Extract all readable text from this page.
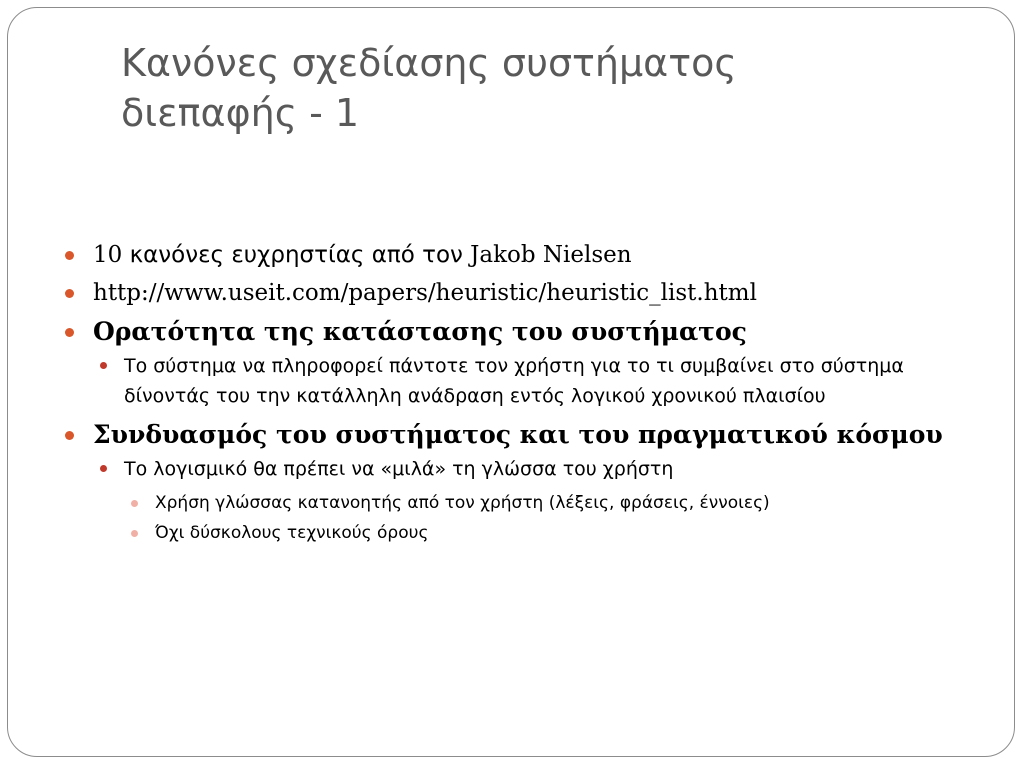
Κανόνες σχεδίασης συστήματος
διεπαφής - 1
10 κανόνες ευχρηστίας από τον Jakob Nielsen
http://www.useit.com/papers/heuristic/heuristic_list.html
Ορατότητα της κατάστασης του συστήματος
Το σύστημα να πληροφορεί πάντοτε τον χρήστη για το τι συμβαίνει στο σύστημα δίνοντάς του την κατάλληλη ανάδραση εντός λογικού χρονικού πλαισίου
Συνδυασμός του συστήματος και του πραγματικού κόσμου
Το λογισμικό θα πρέπει να «μιλά» τη γλώσσα του χρήστη
Χρήση γλώσσας κατανοητής από τον χρήστη (λέξεις, φράσεις, έννοιες)
Όχι δύσκολους τεχνικούς όρους
